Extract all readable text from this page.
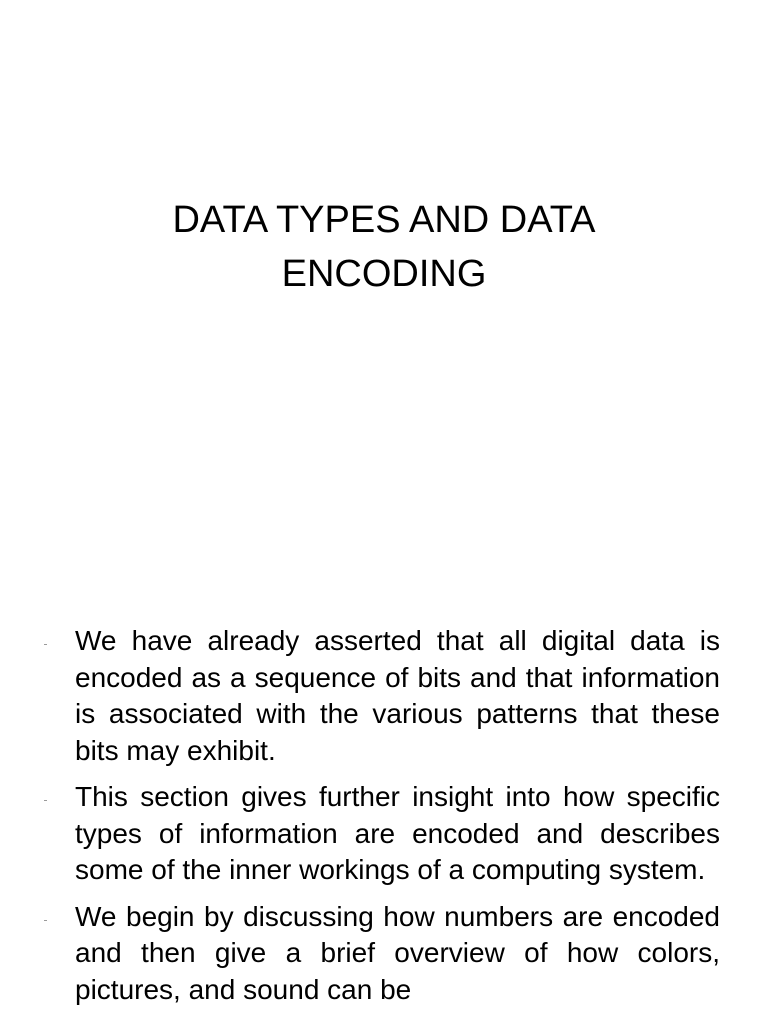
DATA TYPES AND DATA
ENCODING
We have already asserted that all digital data is encoded as a sequence of bits and that information is associated with the various patterns that these bits may exhibit.
This section gives further insight into how specific types of information are encoded and describes some of the inner workings of a computing system.
We begin by discussing how numbers are encoded and then give a brief overview of how colors, pictures, and sound can be
